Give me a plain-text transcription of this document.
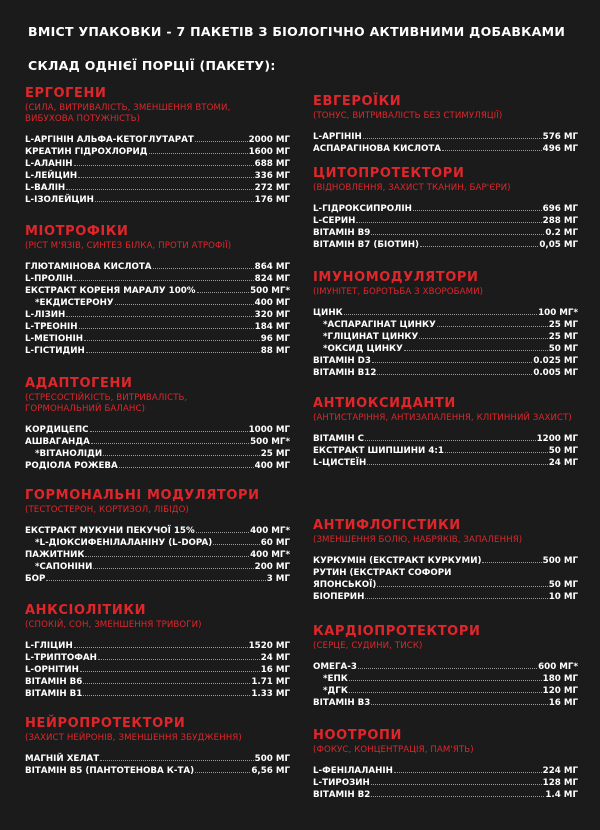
ВМІСТ УПАКОВКИ - 7 ПАКЕТІВ З БІОЛОГІЧНО АКТИВНИМИ ДОБАВКАМИ
СКЛАД ОДНІЄЇ ПОРЦІЇ (ПАКЕТУ):
ЕРГОГЕНИ
(СИЛА, ВИТРИВАЛІСТЬ, ЗМЕНШЕННЯ ВТОМИ, ВИБУХОВА ПОТУЖНІСТЬ)
L-АРГІНІН АЛЬФА-КЕТОГЛУТАРАТ	2000 МГ
КРЕАТИН ГІДРОХЛОРИД	1600 МГ
L-АЛАНІН	688 МГ
L-ЛЕЙЦИН	336 МГ
L-ВАЛІН	272 МГ
L-ІЗОЛЕЙЦИН	176 МГ
МІОТРОФІКИ
(РІСТ М'ЯЗІВ, СИНТЕЗ БІЛКА, ПРОТИ АТРОФІЇ)
ГЛЮТАМІНОВА КИСЛОТА	864 МГ
L-ПРОЛІН	824 МГ
ЕКСТРАКТ КОРЕНЯ МАРАЛУ 100%	500 МГ*
*ЕКДИСТЕРОНУ	400 МГ
L-ЛІЗИН	320 МГ
L-ТРЕОНІН	184 МГ
L-МЕТІОНІН	96 МГ
L-ГІСТИДИН	88 МГ
АДАПТОГЕНИ
(СТРЕСОСТІЙКІСТЬ, ВИТРИВАЛІСТЬ, ГОРМОНАЛЬНИЙ БАЛАНС)
КОРДИЦЕПС	1000 МГ
АШВАГАНДА	500 МГ*
*ВІТАНОЛІДИ	25 МГ
РОДІОЛА РОЖЕВА	400 МГ
ГОРМОНАЛЬНІ МОДУЛЯТОРИ
(ТЕСТОСТЕРОН, КОРТИЗОЛ, ЛІБІДО)
ЕКСТРАКТ МУКУНИ ПЕКУЧОЇ 15%	400 МГ*
*L-ДІОКСИФЕНІЛАЛАНІНУ (L-DOPA)	60 МГ
ПАЖИТНИК	400 МГ*
*САПОНІНИ	200 МГ
БОР	3 МГ
АНКСІОЛІТИКИ
(СПОКІЙ, СОН, ЗМЕНШЕННЯ ТРИВОГИ)
L-ГЛІЦИН	1520 МГ
L-ТРИПТОФАН	24 МГ
L-ОРНІТИН	16 МГ
ВІТАМІН В6	1.71 МГ
ВІТАМІН В1	1.33 МГ
НЕЙРОПРОТЕКТОРИ
(ЗАХИСТ НЕЙРОНІВ, ЗМЕНШЕННЯ ЗБУДЖЕННЯ)
МАГНІЙ ХЕЛАТ	500 МГ
ВІТАМІН В5 (ПАНТОТЕНОВА К-ТА)	6,56 МГ
ЕВГЕРОЇКИ
(ТОНУС, ВИТРИВАЛІСТЬ БЕЗ СТИМУЛЯЦІЇ)
L-АРГІНІН	576 МГ
АСПАРАГІНОВА КИСЛОТА	496 МГ
ЦИТОПРОТЕКТОРИ
(ВІДНОВЛЕННЯ, ЗАХИСТ ТКАНИН, БАР'ЄРИ)
L-ГІДРОКСИПРОЛІН	696 МГ
L-СЕРИН	288 МГ
ВІТАМІН В9	0.2 МГ
ВІТАМІН В7 (БІОТИН)	0,05 МГ
ІМУНОМОДУЛЯТОРИ
(ІМУНІТЕТ, БОРОТЬБА З ХВОРОБАМИ)
ЦИНК	100 МГ*
*АСПАРАГІНАТ ЦИНКУ	25 МГ
*ГЛІЦИНАТ ЦИНКУ	25 МГ
*ОКСИД ЦИНКУ	50 МГ
ВІТАМІН D3	0.025 МГ
ВІТАМІН В12	0.005 МГ
АНТИОКСИДАНТИ
(АНТИСТАРІННЯ, АНТИЗАПАЛЕННЯ, КЛІТИННИЙ ЗАХИСТ)
ВІТАМІН С	1200 МГ
ЕКСТРАКТ ШИПШИНИ 4:1	50 МГ
L-ЦИСТЕЇН	24 МГ
АНТИФЛОГІСТИКИ
(ЗМЕНШЕННЯ БОЛЮ, НАБРЯКІВ, ЗАПАЛЕННЯ)
КУРКУМІН (ЕКСТРАКТ КУРКУМИ)	500 МГ
РУТИН (ЕКСТРАКТ СОФОРИ
ЯПОНСЬКОЇ)	50 МГ
БІОПЕРИН	10 МГ
КАРДІОПРОТЕКТОРИ
(СЕРЦЕ, СУДИНИ, ТИСК)
ОМЕГА-3	600 МГ*
*ЕПК	180 МГ
*ДГК	120 МГ
ВІТАМІН В3	16 МГ
НООТРОПИ
(ФОКУС, КОНЦЕНТРАЦІЯ, ПАМ'ЯТЬ)
L-ФЕНІЛАЛАНІН	224 МГ
L-ТИРОЗИН	128 МГ
ВІТАМІН В2	1.4 МГ
